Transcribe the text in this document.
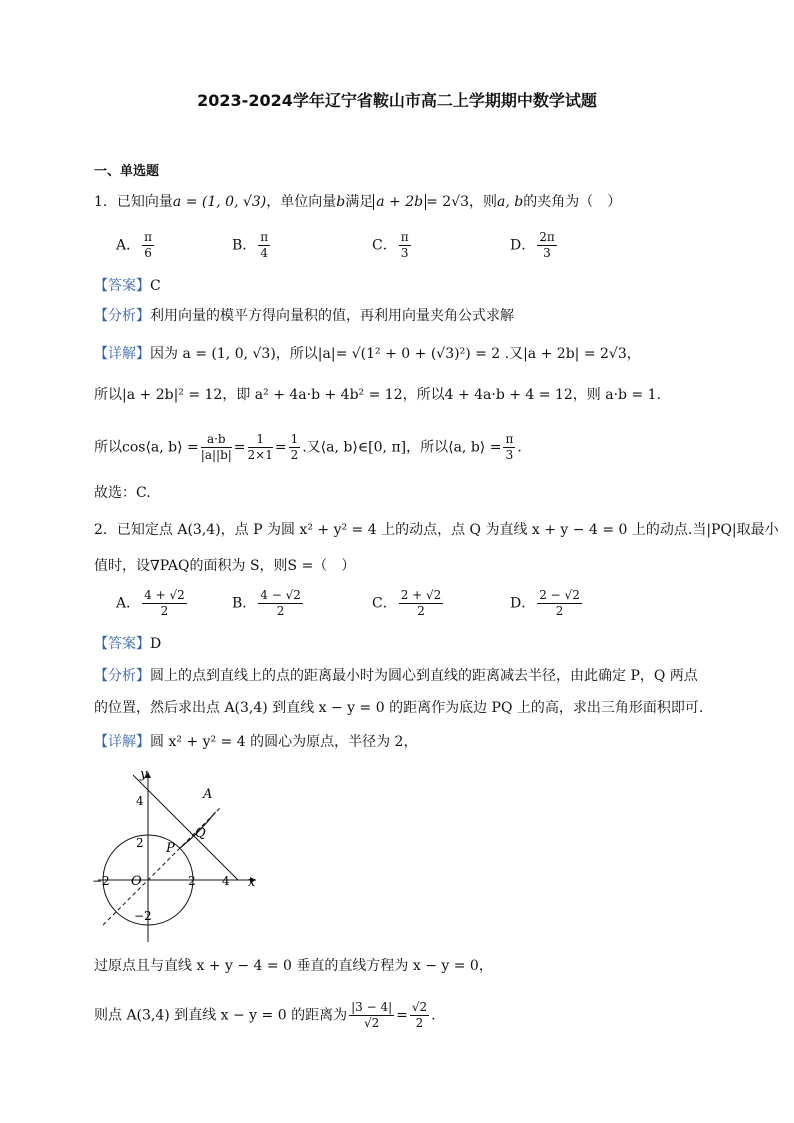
2023-2024学年辽宁省鞍山市高二上学期期中数学试题
一、单选题
1．已知向量a = (1, 0, √3)，单位向量b满足 a + 2b = 2√3，则a, b的夹角为（　）
A． $\frac{\pi}{6}$	B． $\frac{\pi}{4}$	C． $\frac{\pi}{3}$	D． $\frac{2\pi}{3}$
【答案】C
【分析】利用向量的模平方得向量积的值，再利用向量夹角公式求解
【详解】因为 a = (1, 0, √3)，所以|a|= √(1² + 0 + (√3)²) = 2 .又|a + 2b| = 2√3，
所以|a + 2b|² = 12，即 a² + 4a·b + 4b² = 12，所以4 + 4a·b + 4 = 12，则 a·b = 1.
所以cos⟨a, b⟩ = $\frac{a\cdot b}{|a||b|} = \frac{1}{2\times 1} = \frac{1}{2}$ .又⟨a, b⟩∈[0, π]，所以⟨a, b⟩ = $\frac{\pi}{3}$ .
故选：C.
2．已知定点 A(3,4)，点 P 为圆 x² + y² = 4 上的动点，点 Q 为直线 x + y − 4 = 0 上的动点.当|PQ|取最小
值时，设∇PAQ的面积为 S，则S =（　）
A． $\frac{4 + √2}{2}$	B． $\frac{4 - √2}{2}$	C． $\frac{2 + √2}{2}$	D． $\frac{2 - √2}{2}$
【答案】D
【分析】圆上的点到直线上的点的距离最小时为圆心到直线的距离减去半径，由此确定 P，Q 两点
的位置，然后求出点 A(3,4) 到直线 x − y = 0 的距离作为底边 PQ 上的高，求出三角形面积即可.
【详解】圆 x² + y² = 4 的圆心为原点，半径为 2，
y
x
A
Q
P
O
4
2
−2
−2	2 4
过原点且与直线 x + y − 4 = 0 垂直的直线方程为 x − y = 0，
则点 A(3,4) 到直线 x − y = 0 的距离为 $\frac{|3 - 4|}{√2} = \frac{√2}{2}$ .
